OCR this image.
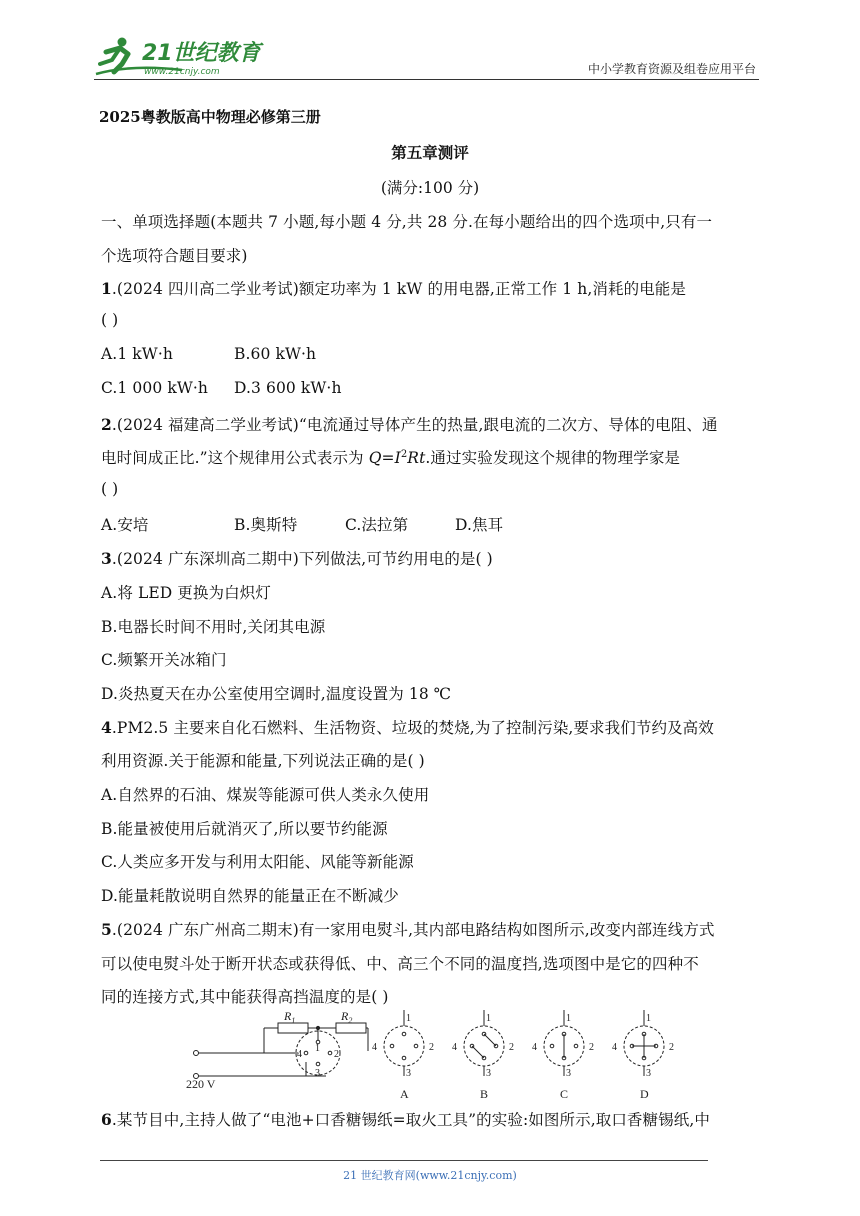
21世纪教育
www.21cnjy.com	中小学教育资源及组卷应用平台
2025粤教版高中物理必修第三册
第五章测评
(满分:100 分)
一、单项选择题(本题共 7 小题,每小题 4 分,共 28 分.在每小题给出的四个选项中,只有一
个选项符合题目要求)
1.(2024 四川高二学业考试)额定功率为 1 kW 的用电器,正常工作 1 h,消耗的电能是
( )
A.1 kW·h	B.60 kW·h
C.1 000 kW·h D.3 600 kW·h
2.(2024 福建高二学业考试)“电流通过导体产生的热量,跟电流的二次方、导体的电阻、通
电时间成正比.”这个规律用公式表示为 $Q=I^2Rt$.通过实验发现这个规律的物理学家是
( )
A.安培	B.奥斯特	C.法拉第	D.焦耳
3.(2024 广东深圳高二期中)下列做法,可节约用电的是( )
A.将 LED 更换为白炽灯
B.电器长时间不用时,关闭其电源
C.频繁开关冰箱门
D.炎热夏天在办公室使用空调时,温度设置为 18 ℃
4.PM2.5 主要来自化石燃料、生活物资、垃圾的焚烧,为了控制污染,要求我们节约及高效
利用资源.关于能源和能量,下列说法正确的是( )
A.自然界的石油、煤炭等能源可供人类永久使用
B.能量被使用后就消灭了,所以要节约能源
C.人类应多开发与利用太阳能、风能等新能源
D.能量耗散说明自然界的能量正在不断减少
5.(2024 广东广州高二期末)有一家用电熨斗,其内部电路结构如图所示,改变内部连线方式
可以使电熨斗处于断开状态或获得低、中、高三个不同的温度挡,选项图中是它的四种不
同的连接方式,其中能获得高挡温度的是( )
$R_1$	$R_2$
1
2
3
4
220 V
1
2
3
4
A
1
2
3
4
B
1
2
3
4
C
1
2
3
4
D
6.某节目中,主持人做了“电池+口香糖锡纸=取火工具”的实验:如图所示,取口香糖锡纸,中
21 世纪教育网(www.21cnjy.com)
